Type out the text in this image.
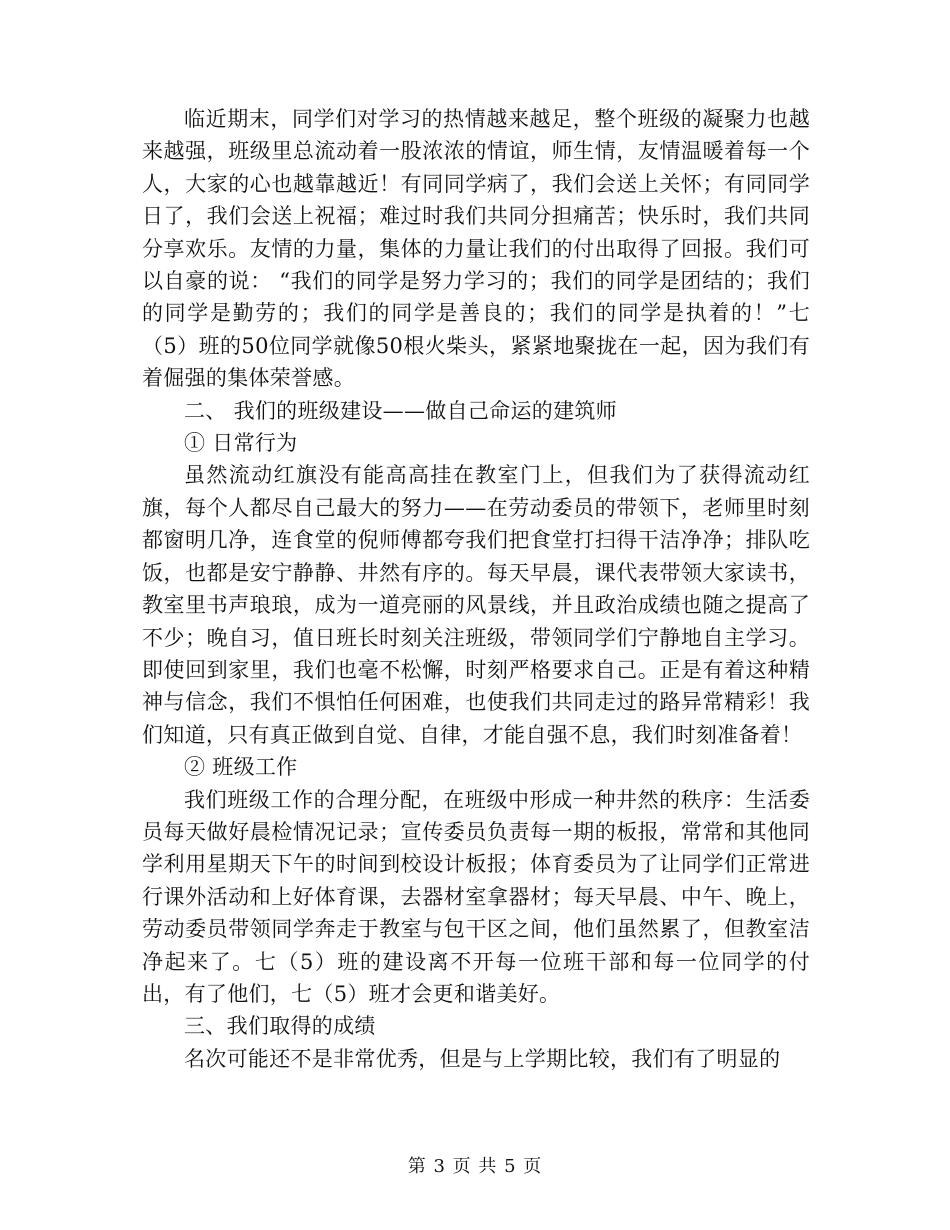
临近期末，同学们对学习的热情越来越足，整个班级的凝聚力也越来越强，班级里总流动着一股浓浓的情谊，师生情，友情温暖着每一个人，大家的心也越靠越近！有同同学病了，我们会送上关怀；有同同学日了，我们会送上祝福；难过时我们共同分担痛苦；快乐时，我们共同分享欢乐。友情的力量，集体的力量让我们的付出取得了回报。我们可以自豪的说： “我们的同学是努力学习的；我们的同学是团结的；我们的同学是勤劳的；我们的同学是善良的；我们的同学是执着的！”七（5）班的50位同学就像50根火柴头，紧紧地聚拢在一起，因为我们有着倔强的集体荣誉感。

二、 我们的班级建设——做自己命运的建筑师

① 日常行为

虽然流动红旗没有能高高挂在教室门上，但我们为了获得流动红旗，每个人都尽自己最大的努力——在劳动委员的带领下，老师里时刻都窗明几净，连食堂的倪师傅都夸我们把食堂打扫得干洁净净；排队吃饭，也都是安宁静静、井然有序的。每天早晨，课代表带领大家读书，教室里书声琅琅，成为一道亮丽的风景线，并且政治成绩也随之提高了不少；晚自习，值日班长时刻关注班级，带领同学们宁静地自主学习。即使回到家里，我们也毫不松懈，时刻严格要求自己。正是有着这种精神与信念，我们不惧怕任何困难，也使我们共同走过的路异常精彩！我们知道，只有真正做到自觉、自律，才能自强不息，我们时刻准备着！

② 班级工作

我们班级工作的合理分配，在班级中形成一种井然的秩序：生活委员每天做好晨检情况记录；宣传委员负责每一期的板报，常常和其他同学利用星期天下午的时间到校设计板报；体育委员为了让同学们正常进行课外活动和上好体育课，去器材室拿器材；每天早晨、中午、晚上，劳动委员带领同学奔走于教室与包干区之间，他们虽然累了，但教室洁净起来了。七（5）班的建设离不开每一位班干部和每一位同学的付出，有了他们，七（5）班才会更和谐美好。

三、我们取得的成绩

名次可能还不是非常优秀，但是与上学期比较，我们有了明显的

第 3 页 共 5 页
